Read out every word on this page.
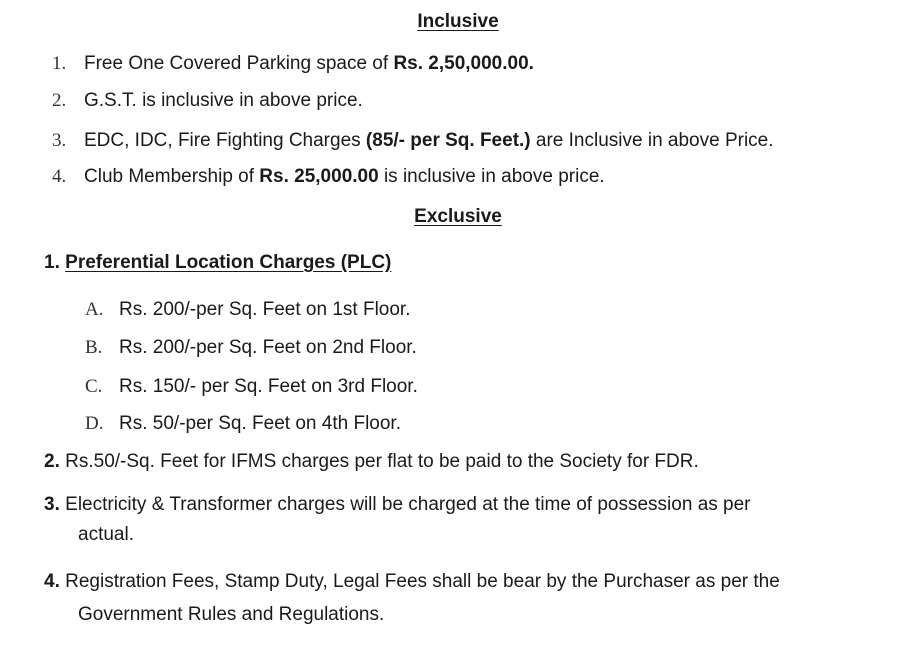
Inclusive
1. Free One Covered Parking space of Rs. 2,50,000.00.
2. G.S.T. is inclusive in above price.
3. EDC, IDC, Fire Fighting Charges (85/- per Sq. Feet.) are Inclusive in above Price.
4. Club Membership of Rs. 25,000.00 is inclusive in above price.
Exclusive
1. Preferential Location Charges (PLC)
A. Rs. 200/-per Sq. Feet on 1st Floor.
B. Rs. 200/-per Sq. Feet on 2nd Floor.
C. Rs. 150/- per Sq. Feet on 3rd Floor.
D. Rs. 50/-per Sq. Feet on 4th Floor.
2. Rs.50/-Sq. Feet for IFMS charges per flat to be paid to the Society for FDR.
3. Electricity & Transformer charges will be charged at the time of possession as per
actual.
4. Registration Fees, Stamp Duty, Legal Fees shall be bear by the Purchaser as per the
Government Rules and Regulations.
